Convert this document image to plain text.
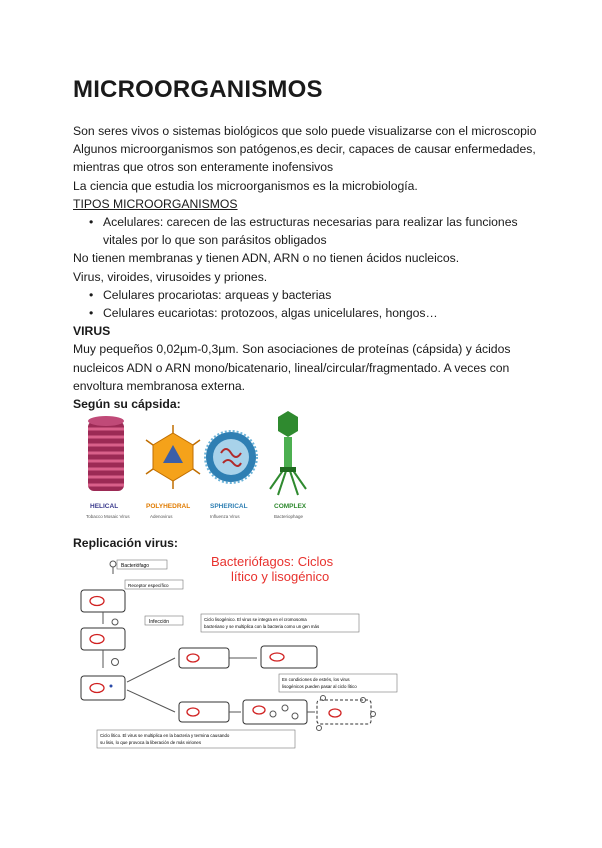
MICROORGANISMOS

Son seres vivos o sistemas biológicos que solo puede visualizarse con el microscopio

Algunos microorganismos son patógenos,es decir, capaces de causar enfermedades,

mientras que otros son enteramente inofensivos

La ciencia que estudia los microorganismos es la microbiología.

TIPOS MICROORGANISMOS

• Acelulares: carecen de las estructuras necesarias para realizar las funciones
vitales por lo que son parásitos obligados

No tienen membranas y tienen ADN, ARN o no tienen ácidos nucleicos.

Virus, viroides, virusoides y priones.

• Celulares procariotas: arqueas y bacterias
• Celulares eucariotas: protozoos, algas unicelulares, hongos…

VIRUS

Muy pequeños 0,02µm-0,3µm. Son asociaciones de proteínas (cápsida) y ácidos

nucleicos ADN o ARN mono/bicatenario, lineal/circular/fragmentado. A veces con

envoltura membranosa externa.

Según su cápsida:

HELICAL	POLYHEDRAL	SPHERICAL	COMPLEX
Tobacco Mosaic Virus	Adenovirus	Influenza Virus	Bacteriophage
Replicación virus:
Bacteriófagos: Ciclos
lítico y lisogénico
Bacteriófago
Receptor específico
Infección	Ciclo lisogénico. El virus se integra en el cromosoma
bacteriano y se multiplica con la bacteria como un gen más
En condiciones de estrés, los virus
lisogénicos pueden pasar al ciclo lítico
Ciclo lítico. El virus se multiplica en la bacteria y termina causando
su lisis, lo que provoca la liberación de más viriones
